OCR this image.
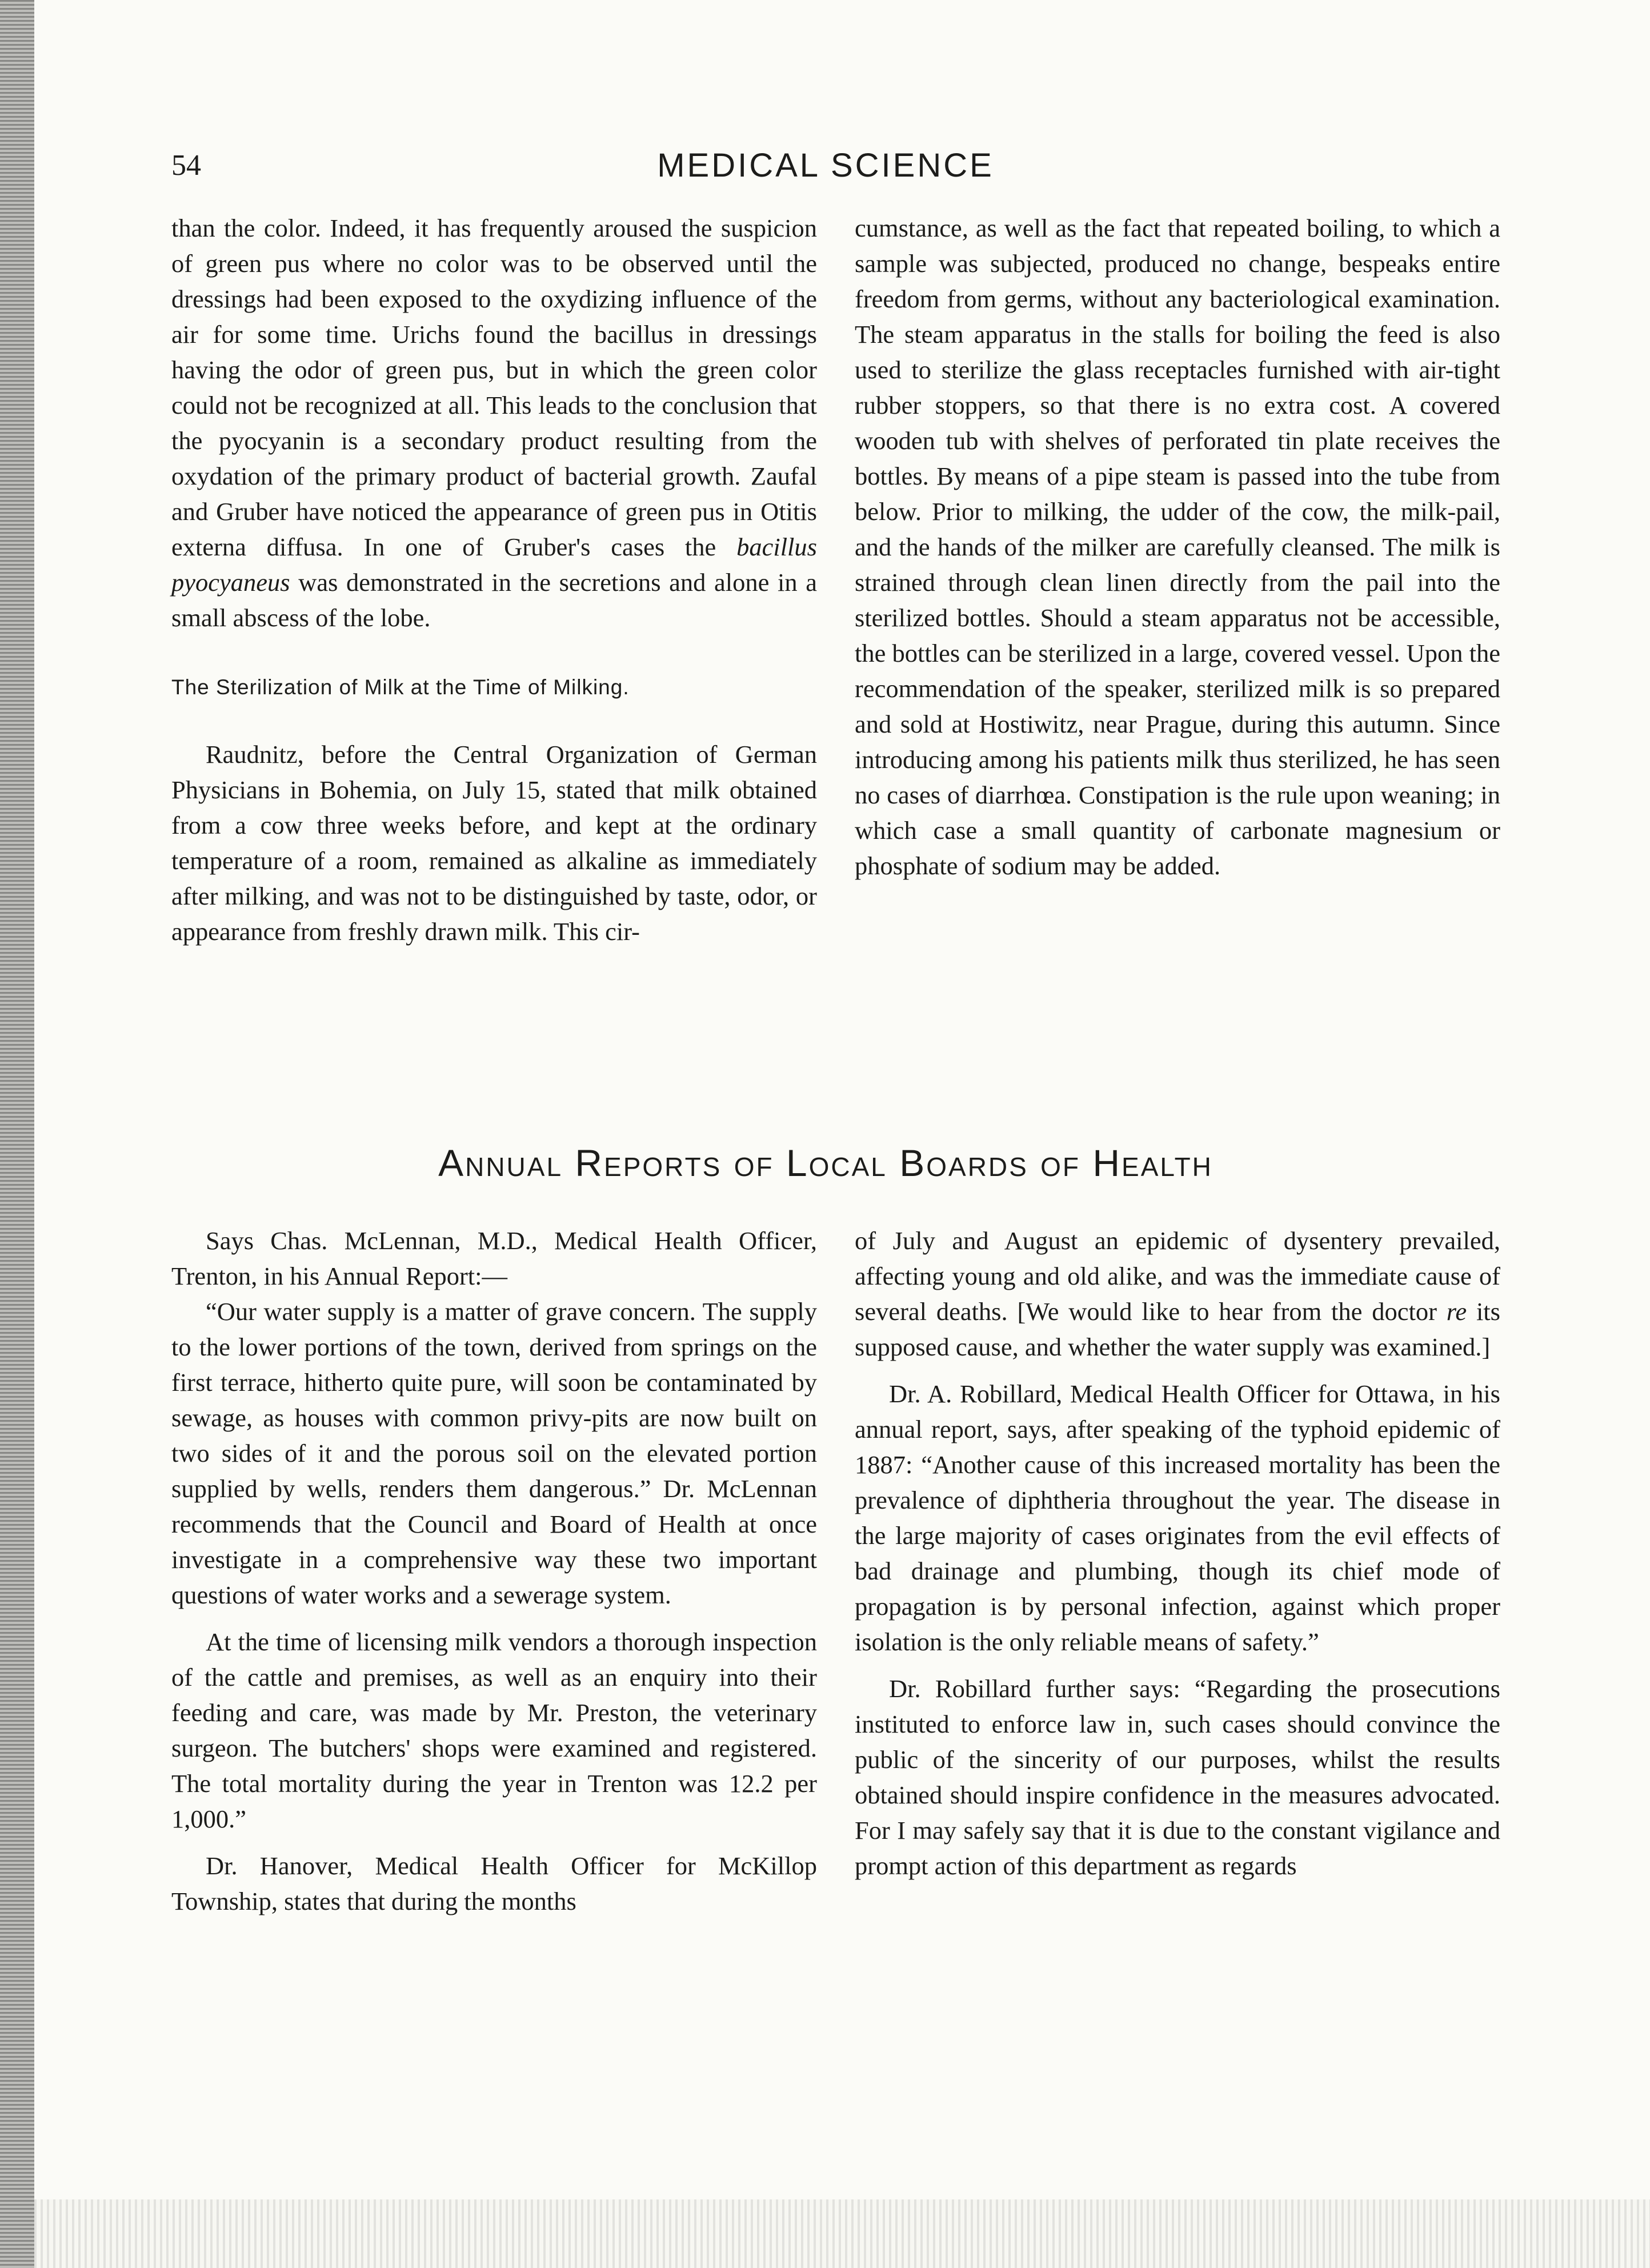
54	MEDICAL SCIENCE

than the color. Indeed, it has frequently aroused the suspicion of green pus where no color was to be observed until the dressings had been exposed to the oxydizing influence of the air for some time. Urichs found the bacillus in dressings having the odor of green pus, but in which the green color could not be recognized at all. This leads to the conclusion that the pyocyanin is a secondary product resulting from the oxydation of the primary product of bacterial growth. Zaufal and Gruber have noticed the appearance of green pus in Otitis externa diffusa. In one of Gruber's cases the bacillus pyocyaneus was demonstrated in the secretions and alone in a small abscess of the lobe.

The Sterilization of Milk at the Time of Milking.

Raudnitz, before the Central Organization of German Physicians in Bohemia, on July 15, stated that milk obtained from a cow three weeks before, and kept at the ordinary temperature of a room, remained as alkaline as immediately after milking, and was not to be distinguished by taste, odor, or appearance from freshly drawn milk. This cir-

cumstance, as well as the fact that repeated boiling, to which a sample was subjected, produced no change, bespeaks entire freedom from germs, without any bacteriological examination. The steam apparatus in the stalls for boiling the feed is also used to sterilize the glass receptacles furnished with air-tight rubber stoppers, so that there is no extra cost. A covered wooden tub with shelves of perforated tin plate receives the bottles. By means of a pipe steam is passed into the tube from below. Prior to milking, the udder of the cow, the milk-pail, and the hands of the milker are carefully cleansed. The milk is strained through clean linen directly from the pail into the sterilized bottles. Should a steam apparatus not be accessible, the bottles can be sterilized in a large, covered vessel. Upon the recommendation of the speaker, sterilized milk is so prepared and sold at Hostiwitz, near Prague, during this autumn. Since introducing among his patients milk thus sterilized, he has seen no cases of diarrhœa. Constipation is the rule upon weaning; in which case a small quantity of carbonate magnesium or phosphate of sodium may be added.

Annual Reports of Local Boards of Health

Says Chas. McLennan, M.D., Medical Health Officer, Trenton, in his Annual Report:—

“Our water supply is a matter of grave concern. The supply to the lower portions of the town, derived from springs on the first terrace, hitherto quite pure, will soon be contaminated by sewage, as houses with common privy-pits are now built on two sides of it and the porous soil on the elevated portion supplied by wells, renders them dangerous.” Dr. McLennan recommends that the Council and Board of Health at once investigate in a comprehensive way these two important questions of water works and a sewerage system.

At the time of licensing milk vendors a thorough inspection of the cattle and premises, as well as an enquiry into their feeding and care, was made by Mr. Preston, the veterinary surgeon. The butchers' shops were examined and registered. The total mortality during the year in Trenton was 12.2 per 1,000.”

Dr. Hanover, Medical Health Officer for McKillop Township, states that during the months

of July and August an epidemic of dysentery prevailed, affecting young and old alike, and was the immediate cause of several deaths. [We would like to hear from the doctor re its supposed cause, and whether the water supply was examined.]

Dr. A. Robillard, Medical Health Officer for Ottawa, in his annual report, says, after speaking of the typhoid epidemic of 1887: “Another cause of this increased mortality has been the prevalence of diphtheria throughout the year. The disease in the large majority of cases originates from the evil effects of bad drainage and plumbing, though its chief mode of propagation is by personal infection, against which proper isolation is the only reliable means of safety.”

Dr. Robillard further says: “Regarding the prosecutions instituted to enforce law in, such cases should convince the public of the sincerity of our purposes, whilst the results obtained should inspire confidence in the measures advocated. For I may safely say that it is due to the constant vigilance and prompt action of this department as regards
